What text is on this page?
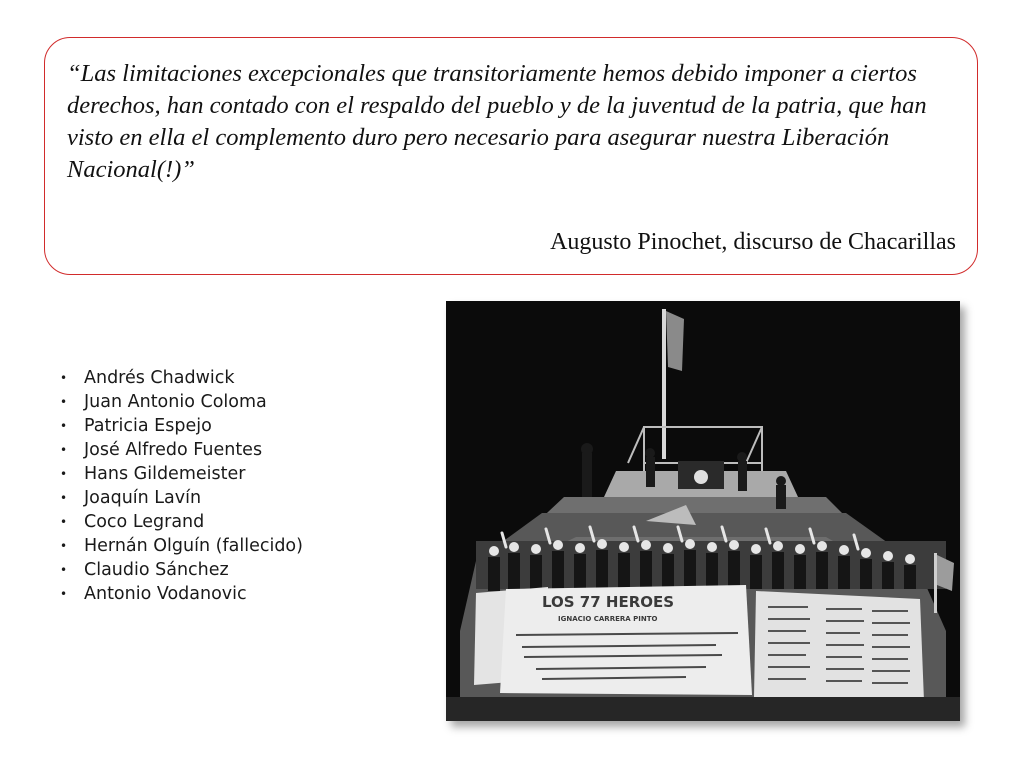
“Las limitaciones excepcionales que transitoriamente hemos debido imponer a ciertos derechos, han contado con el respaldo del pueblo y de la juventud de la patria, que han visto en ella el complemento duro pero necesario para asegurar nuestra Liberación Nacional(!)”

Augusto Pinochet, discurso de Chacarillas

• Andrés Chadwick
• Juan Antonio Coloma
• Patricia Espejo
• José Alfredo Fuentes
• Hans Gildemeister
• Joaquín Lavín
• Coco Legrand
• Hernán Olguín (fallecido)
• Claudio Sánchez
• Antonio Vodanovic	LOS 77 HEROES
IGNACIO CARRERA PINTO
